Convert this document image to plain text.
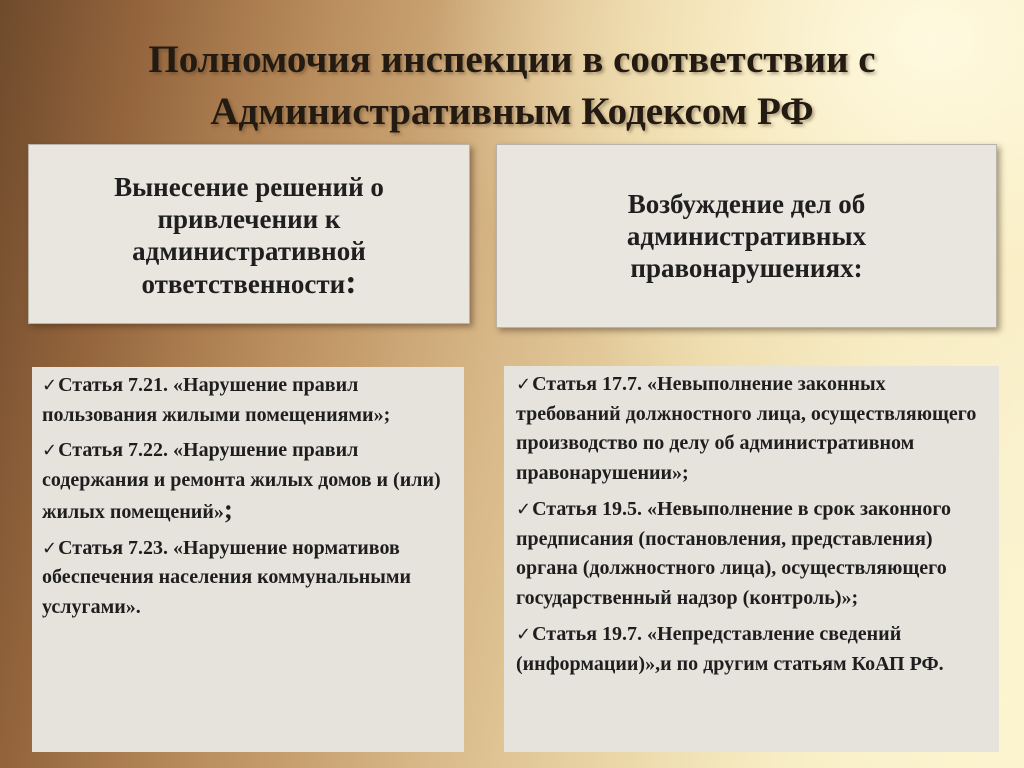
Полномочия инспекции в соответствии с
Административным Кодексом РФ
Вынесение решений о привлечении к административной ответственности:
Возбуждение дел об административных правонарушениях:
✓Статья 7.21. «Нарушение правил пользования жилыми помещениями»;
✓Статья 7.22. «Нарушение правил содержания и ремонта жилых домов и (или) жилых помещений»;
✓Статья 7.23. «Нарушение нормативов обеспечения населения коммунальными услугами».
✓Статья 17.7. «Невыполнение законных требований должностного лица, осуществляющего производство по делу об административном правонарушении»;
✓Статья 19.5. «Невыполнение в срок законного предписания (постановления, представления) органа (должностного лица), осуществляющего государственный надзор (контроль)»;
✓Статья 19.7. «Непредставление сведений (информации)»,и по другим статьям КоАП РФ.
